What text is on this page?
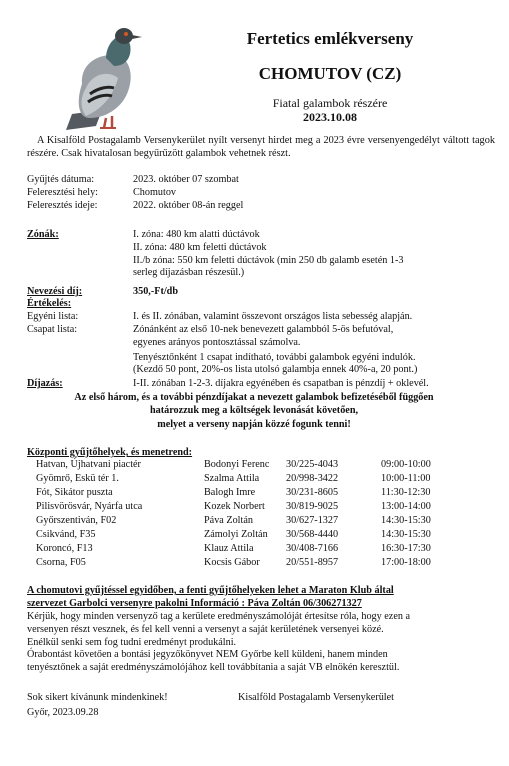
Fertetics emlékverseny
CHOMUTOV (CZ)
Fiatal galambok részére
2023.10.08
A Kisalföld Postagalamb Versenykerület nyílt versenyt hirdet meg a 2023 évre versenyengedélyt váltott tagok részére. Csak hivatalosan begyűrűzött galambok vehetnek részt.
Gyűjtés dátuma:	2023. október 07 szombat
Feleresztési hely:	Chomutov
Feleresztés ideje:	2022. október 08-án reggel
Zónák:	I. zóna: 480 km alatti dúctávok
II. zóna: 480 km feletti dúctávok
II./b zóna: 550 km feletti dúctávok (min 250 db galamb esetén 1-3
serleg díjazásban részesül.)
Nevezési díj:	350,-Ft/db
Értékelés:
Egyéni lista:	I. és II. zónában, valamint összevont országos lista sebesség alapján.
Csapat lista:	Zónánként az első 10-nek benevezett galambból 5-ös befutóval,
egyenes arányos pontosztással számolva.
Tenyésztőnként 1 csapat indítható, további galambok egyéni indulók.
(Kezdő 50 pont, 20%-os lista utolsó galambja ennek 40%-a, 20 pont.)
Díjazás:	I-II. zónában 1-2-3. díjakra egyénében és csapatban is pénzdíj + oklevél.
Az első három, és a további pénzdíjakat a nevezett galambok befizetéséből függően
határozzuk meg a költségek levonását követően,
melyet a verseny napján közzé fogunk tenni!
Központi gyűjtőhelyek, és menetrend:
Hatvan, Újhatvani piactér	Bodonyi Ferenc 30/225-4043	09:00-10:00
Gyömrő, Eskü tér 1.	Szalma Attila	20/998-3422	10:00-11:00
Fót, Sikátor puszta	Balogh Imre	30/231-8605	11:30-12:30
Pilisvörösvár, Nyárfa utca	Kozek Norbert 30/819-9025	13:00-14:00
Győrszentiván, F02	Páva Zoltán	30/627-1327	14:30-15:30
Csikvánd, F35	Zámolyi Zoltán 30/568-4440	14:30-15:30
Koroncó, F13	Klauz Attila	30/408-7166	16:30-17:30
Csorna, F05	Kocsis Gábor	20/551-8957	17:00-18:00
A chomutovi gyűjtéssel egyidőben, a fenti gyűjtőhelyeken lehet a Maraton Klub által
szervezet Garbolci versenyre pakolni Információ : Páva Zoltán 06/306271327
Kérjük, hogy minden versenyző tag a kerülete eredményszámolóját értesítse róla, hogy ezen a
versenyen részt vesznek, és fel kell venni a versenyt a saját kerületének versenyei közé.
Enélkül senki sem fog tudni eredményt produkálni.
Órabontást követően a bontási jegyzőkönyvet NEM Győrbe kell küldeni, hanem minden
tenyésztőnek a saját eredményszámolójához kell továbbítania a saját VB elnökén keresztül.
Sok sikert kívánunk mindenkinek!	Kisalföld Postagalamb Versenykerület
Győr, 2023.09.28
